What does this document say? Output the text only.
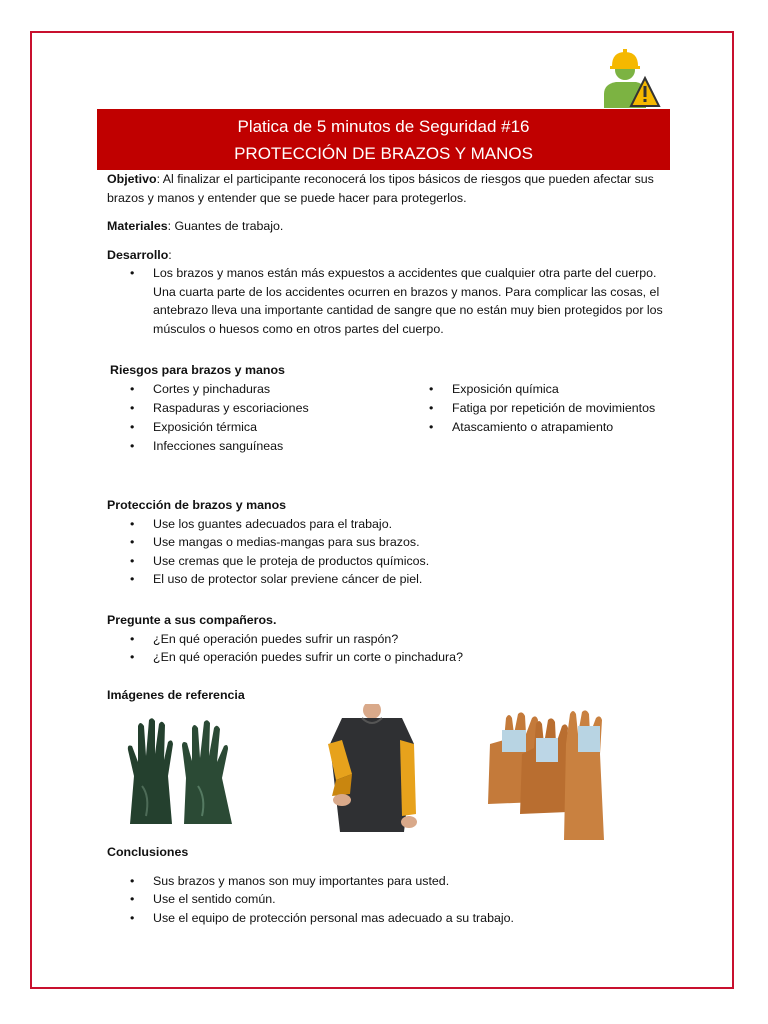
Platica de 5 minutos de Seguridad #16
PROTECCIÓN DE BRAZOS Y MANOS

Objetivo: Al finalizar el participante reconocerá los tipos básicos de riesgos que pueden afectar sus brazos y manos y entender que se puede hacer para protegerlos.

Materiales: Guantes de trabajo.

Desarrollo:

• Los brazos y manos están más expuestos a accidentes que cualquier otra parte del cuerpo. Una cuarta parte de los accidentes ocurren en brazos y manos. Para complicar las cosas, el antebrazo lleva una importante cantidad de sangre que no están muy bien protegidos por los músculos o huesos como en otros partes del cuerpo.
Riesgos para brazos y manos
• Cortes y pinchaduras
• Raspaduras y escoriaciones
• Exposición térmica
• Infecciones sanguíneas
• Exposición química
• Fatiga por repetición de movimientos
• Atascamiento o atrapamiento
Protección de brazos y manos
• Use los guantes adecuados para el trabajo.
• Use mangas o medias-mangas para sus brazos.
• Use cremas que le proteja de productos químicos.
• El uso de protector solar previene cáncer de piel.
Pregunte a sus compañeros.
• ¿En qué operación puedes sufrir un raspón?
• ¿En qué operación puedes sufrir un corte o pinchadura?
Imágenes de referencia
Conclusiones
• Sus brazos y manos son muy importantes para usted.
• Use el sentido común.
• Use el equipo de protección personal mas adecuado a su trabajo.
